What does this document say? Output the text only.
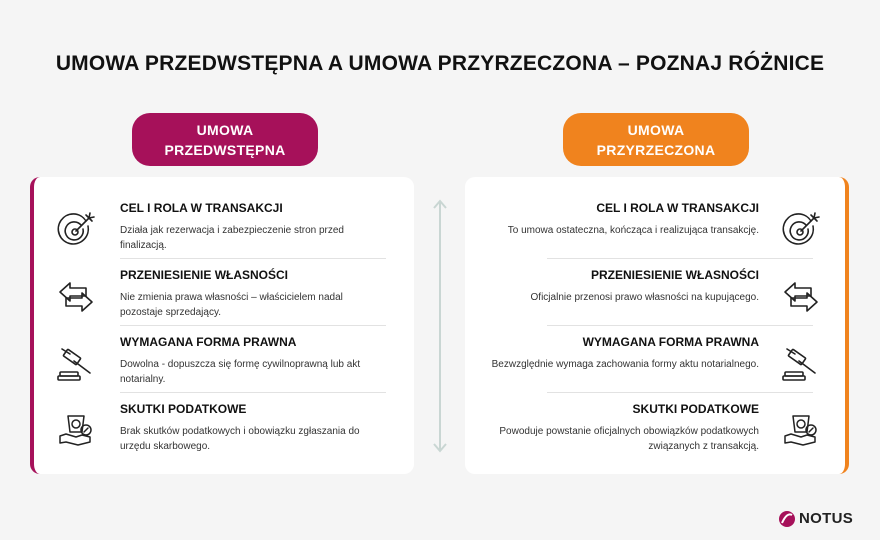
UMOWA PRZEDWSTĘPNA A UMOWA PRZYRZECZONA – POZNAJ RÓŻNICE
UMOWA
PRZEDWSTĘPNA
UMOWA
PRZYRZECZONA
CEL I ROLA W TRANSAKCJI

Działa jak rezerwacja i zabezpieczenie stron przed finalizacją.

PRZENIESIENIE WŁASNOŚCI

Nie zmienia prawa własności – właścicielem nadal pozostaje sprzedający.

WYMAGANA FORMA PRAWNA

Dowolna - dopuszcza się formę cywilnoprawną lub akt notarialny.

SKUTKI PODATKOWE

Brak skutków podatkowych i obowiązku zgłaszania do urzędu skarbowego.

CEL I ROLA W TRANSAKCJI

To umowa ostateczna, kończąca i realizująca transakcję.

PRZENIESIENIE WŁASNOŚCI

Oficjalnie przenosi prawo własności na kupującego.

WYMAGANA FORMA PRAWNA

Bezwzględnie wymaga zachowania formy aktu notarialnego.

SKUTKI PODATKOWE

Powoduje powstanie oficjalnych obowiązków podatkowych związanych z transakcją.

NOTUS
